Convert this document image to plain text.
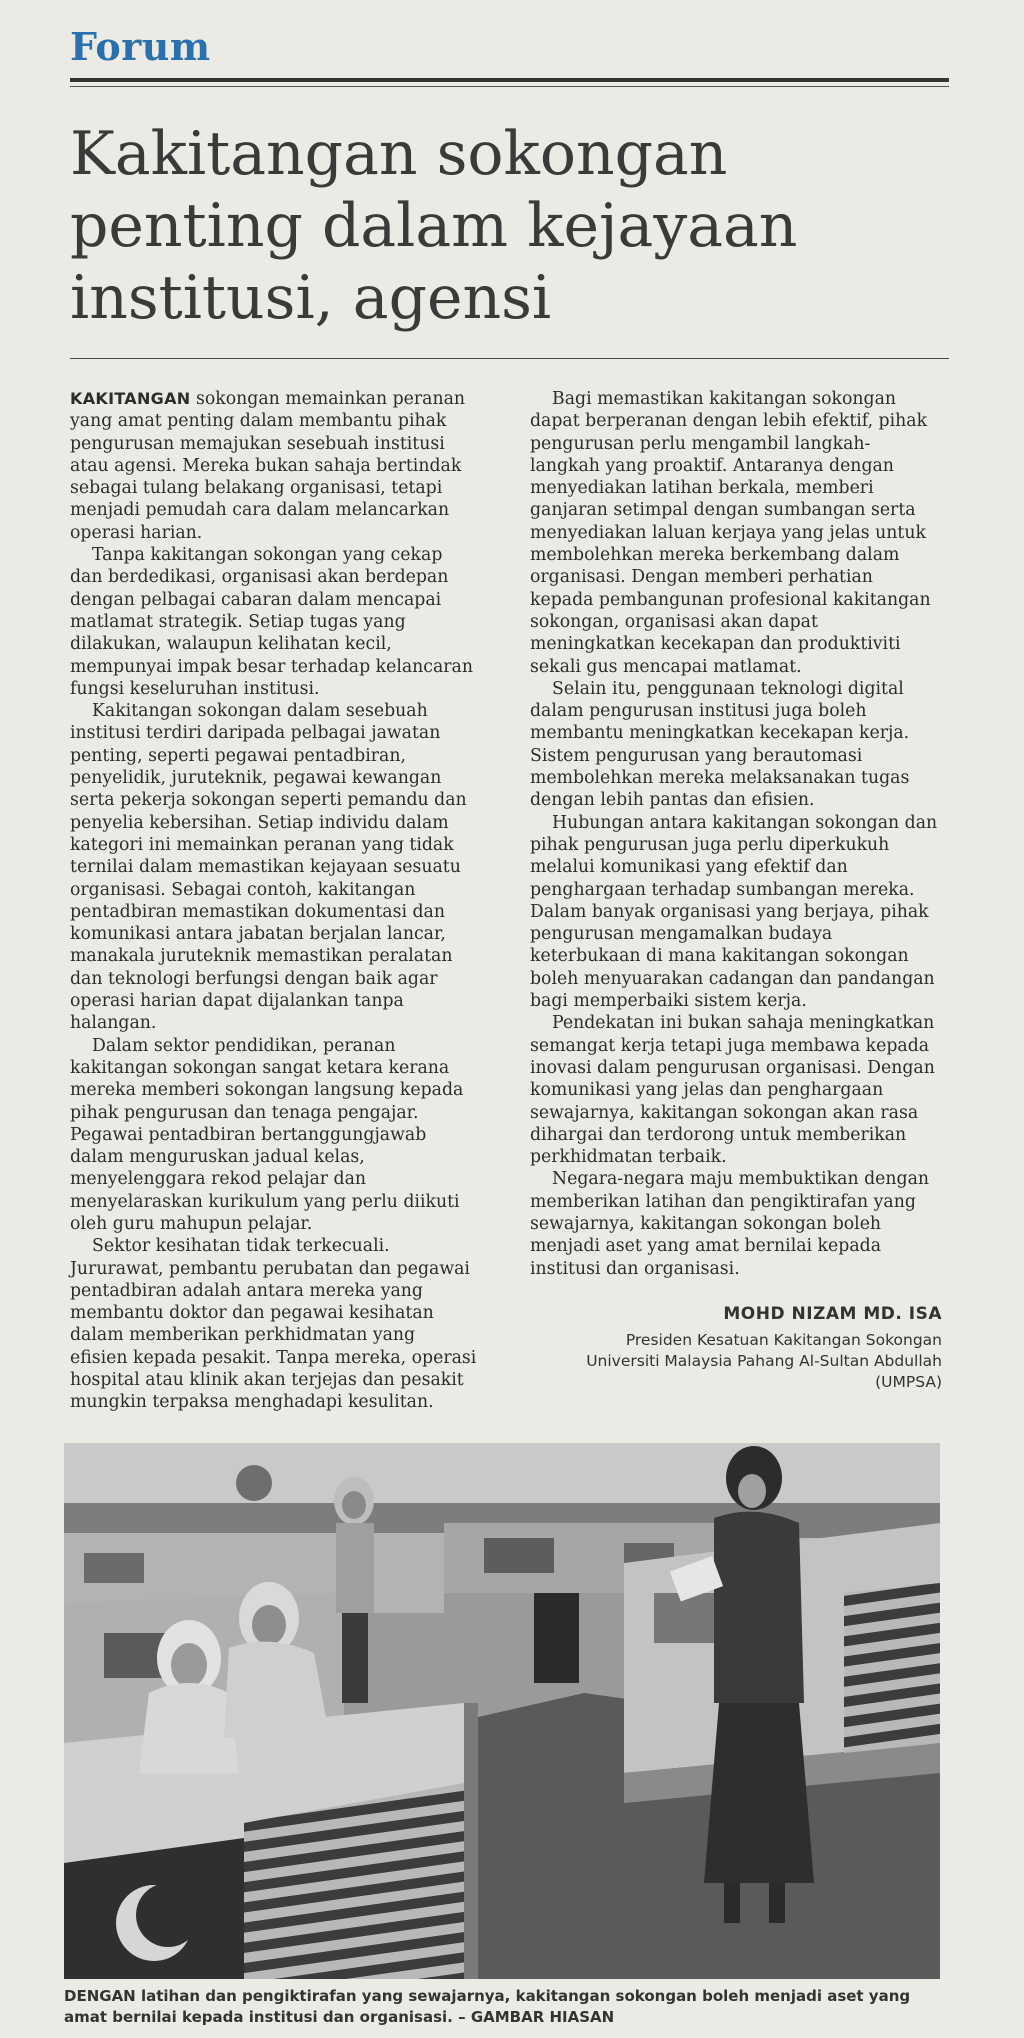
Forum
Kakitangan sokongan penting dalam kejayaan institusi, agensi

KAKITANGAN sokongan memainkan peranan yang amat penting dalam membantu pihak pengurusan memajukan sesebuah institusi atau agensi. Mereka bukan sahaja bertindak sebagai tulang belakang organisasi, tetapi menjadi pemudah cara dalam melancarkan operasi harian.

Tanpa kakitangan sokongan yang cekap dan berdedikasi, organisasi akan berdepan dengan pelbagai cabaran dalam mencapai matlamat strategik. Setiap tugas yang dilakukan, walaupun kelihatan kecil, mempunyai impak besar terhadap kelancaran fungsi keseluruhan institusi.

Kakitangan sokongan dalam sesebuah institusi terdiri daripada pelbagai jawatan penting, seperti pegawai pentadbiran, penyelidik, juruteknik, pegawai kewangan serta pekerja sokongan seperti pemandu dan penyelia kebersihan. Setiap individu dalam kategori ini memainkan peranan yang tidak ternilai dalam memastikan kejayaan sesuatu organisasi. Sebagai contoh, kakitangan pentadbiran memastikan dokumentasi dan komunikasi antara jabatan berjalan lancar, manakala juruteknik memastikan peralatan dan teknologi berfungsi dengan baik agar operasi harian dapat dijalankan tanpa halangan.

Dalam sektor pendidikan, peranan kakitangan sokongan sangat ketara kerana mereka memberi sokongan langsung kepada pihak pengurusan dan tenaga pengajar. Pegawai pentadbiran bertanggungjawab dalam menguruskan jadual kelas, menyelenggara rekod pelajar dan menyelaraskan kurikulum yang perlu diikuti oleh guru mahupun pelajar.

Sektor kesihatan tidak terkecuali. Jururawat, pembantu perubatan dan pegawai pentadbiran adalah antara mereka yang membantu doktor dan pegawai kesihatan dalam memberikan perkhidmatan yang efisien kepada pesakit. Tanpa mereka, operasi hospital atau klinik akan terjejas dan pesakit mungkin terpaksa menghadapi kesulitan.

Bagi memastikan kakitangan sokongan dapat berperanan dengan lebih efektif, pihak pengurusan perlu mengambil langkah-langkah yang proaktif. Antaranya dengan menyediakan latihan berkala, memberi ganjaran setimpal dengan sumbangan serta menyediakan laluan kerjaya yang jelas untuk membolehkan mereka berkembang dalam organisasi. Dengan memberi perhatian kepada pembangunan profesional kakitangan sokongan, organisasi akan dapat meningkatkan kecekapan dan produktiviti sekali gus mencapai matlamat.

Selain itu, penggunaan teknologi digital dalam pengurusan institusi juga boleh membantu meningkatkan kecekapan kerja. Sistem pengurusan yang berautomasi membolehkan mereka melaksanakan tugas dengan lebih pantas dan efisien.

Hubungan antara kakitangan sokongan dan pihak pengurusan juga perlu diperkukuh melalui komunikasi yang efektif dan penghargaan terhadap sumbangan mereka. Dalam banyak organisasi yang berjaya, pihak pengurusan mengamalkan budaya keterbukaan di mana kakitangan sokongan boleh menyuarakan cadangan dan pandangan bagi memperbaiki sistem kerja.

Pendekatan ini bukan sahaja meningkatkan semangat kerja tetapi juga membawa kepada inovasi dalam pengurusan organisasi. Dengan komunikasi yang jelas dan penghargaan sewajarnya, kakitangan sokongan akan rasa dihargai dan terdorong untuk memberikan perkhidmatan terbaik.

Negara-negara maju membuktikan dengan memberikan latihan dan pengiktirafan yang sewajarnya, kakitangan sokongan boleh menjadi aset yang amat bernilai kepada institusi dan organisasi.

MOHD NIZAM MD. ISA
Presiden Kesatuan Kakitangan Sokongan
Universiti Malaysia Pahang Al-Sultan Abdullah
(UMPSA)
DENGAN latihan dan pengiktirafan yang sewajarnya, kakitangan sokongan boleh menjadi aset yang amat bernilai kepada institusi dan organisasi. – GAMBAR HIASAN
